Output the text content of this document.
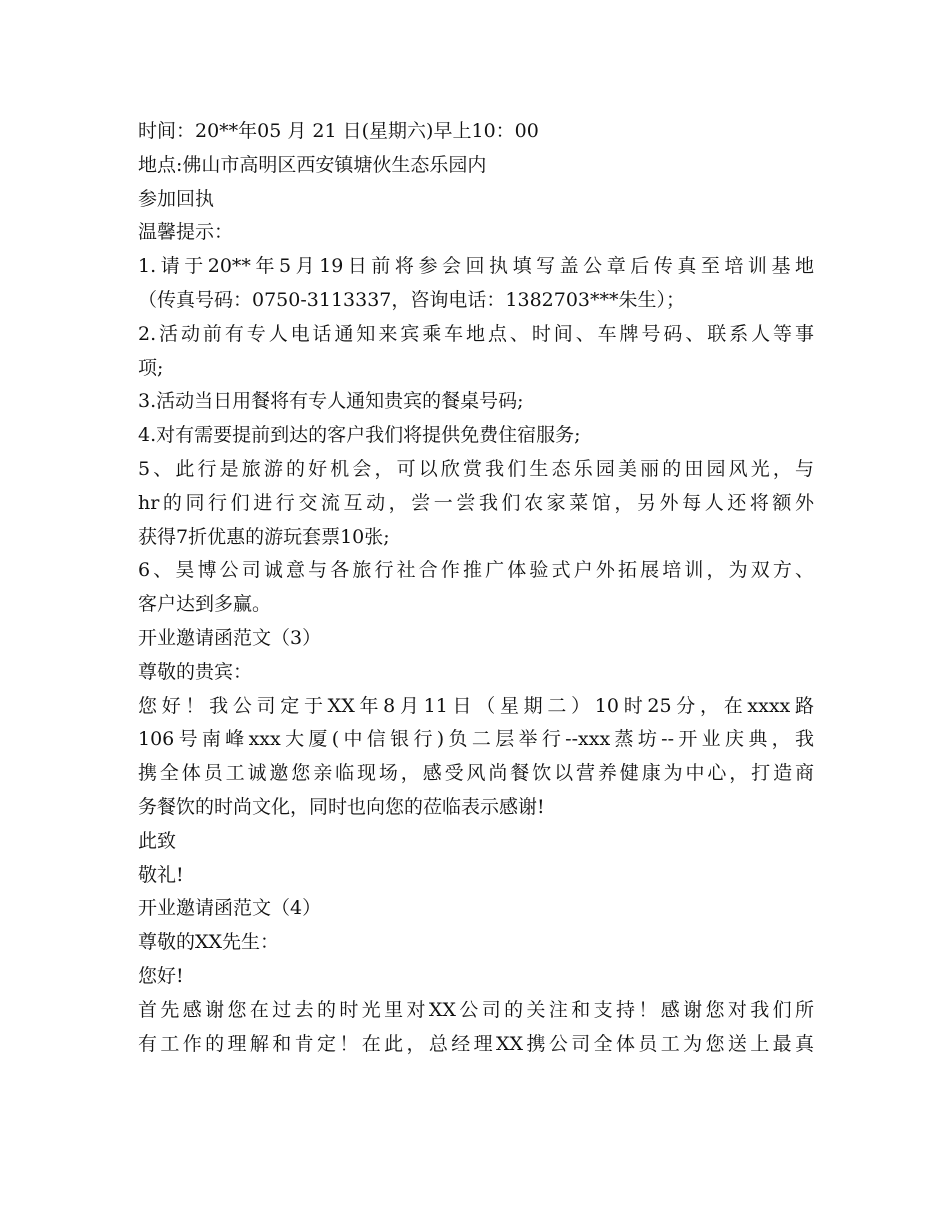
时间：20**年05 月 21 日(星期六)早上10：00
地点:佛山市高明区西安镇塘伙生态乐园内
参加回执
温馨提示：
1.请于20**年5月19日前将参会回执填写盖公章后传真至培训基地
（传真号码：0750-3113337，咨询电话：1382703***朱生）；
2.活动前有专人电话通知来宾乘车地点、时间、车牌号码、联系人等事
项;
3.活动当日用餐将有专人通知贵宾的餐桌号码;
4.对有需要提前到达的客户我们将提供免费住宿服务;
5、此行是旅游的好机会，可以欣赏我们生态乐园美丽的田园风光，与
hr的同行们进行交流互动，尝一尝我们农家菜馆，另外每人还将额外
获得7折优惠的游玩套票10张;
6、昊博公司诚意与各旅行社合作推广体验式户外拓展培训，为双方、
客户达到多赢。
开业邀请函范文（3）
尊敬的贵宾：
您好！我公司定于XX年8月11日（星期二）10时25分，在xxxx路
106号南峰xxx大厦(中信银行)负二层举行--xxx蒸坊--开业庆典，我
携全体员工诚邀您亲临现场，感受风尚餐饮以营养健康为中心，打造商
务餐饮的时尚文化，同时也向您的莅临表示感谢!
此致
敬礼!
开业邀请函范文（4）
尊敬的XX先生：
您好!
首先感谢您在过去的时光里对XX公司的关注和支持！感谢您对我们所
有工作的理解和肯定！在此，总经理XX携公司全体员工为您送上最真
